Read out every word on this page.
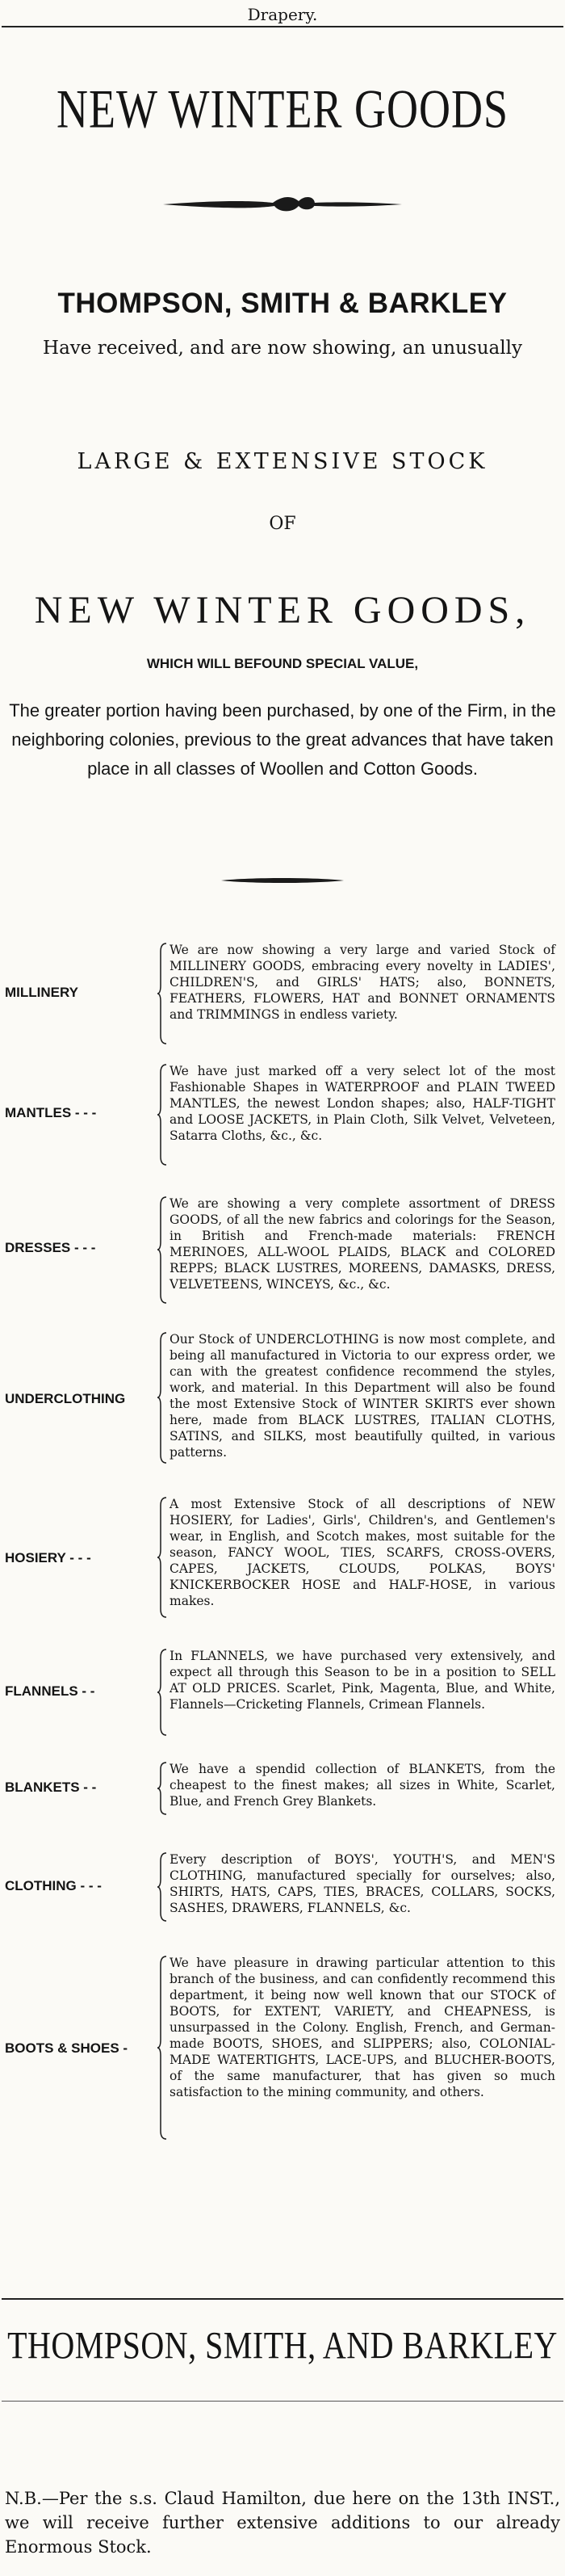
Drapery.
NEW WINTER GOODS
THOMPSON, SMITH & BARKLEY
Have received, and are now showing, an unusually
LARGE & EXTENSIVE STOCK
OF
NEW WINTER GOODS,
WHICH WILL BEFOUND SPECIAL VALUE,
The greater portion having been purchased, by one of the Firm, in the neighboring colonies, previous to the great advances that have taken place in all classes of Woollen and Cotton Goods.
MILLINERY
We are now showing a very large and varied Stock of MILLINERY GOODS, embracing every novelty in LADIES', CHILDREN'S, and GIRLS' HATS; also, BONNETS, FEATHERS, FLOWERS, HAT and BONNET ORNAMENTS and TRIMMINGS in endless variety.
MANTLES - - -
We have just marked off a very select lot of the most Fashionable Shapes in WATERPROOF and PLAIN TWEED MANTLES, the newest London shapes; also, HALF-TIGHT and LOOSE JACKETS, in Plain Cloth, Silk Velvet, Velveteen, Satarra Cloths, &c., &c.
DRESSES - - -
We are showing a very complete assortment of DRESS GOODS, of all the new fabrics and colorings for the Season, in British and French-made materials: FRENCH MERINOES, ALL-WOOL PLAIDS, BLACK and COLORED REPPS; BLACK LUSTRES, MOREENS, DAMASKS, DRESS, VELVETEENS, WINCEYS, &c., &c.
UNDERCLOTHING
Our Stock of UNDERCLOTHING is now most complete, and being all manufactured in Victoria to our express order, we can with the greatest confidence recommend the styles, work, and material. In this Department will also be found the most Extensive Stock of WINTER SKIRTS ever shown here, made from BLACK LUSTRES, ITALIAN CLOTHS, SATINS, and SILKS, most beautifully quilted, in various patterns.
HOSIERY - - -
A most Extensive Stock of all descriptions of NEW HOSIERY, for Ladies', Girls', Children's, and Gentlemen's wear, in English, and Scotch makes, most suitable for the season, FANCY WOOL, TIES, SCARFS, CROSS-OVERS, CAPES, JACKETS, CLOUDS, POLKAS, BOYS' KNICKERBOCKER HOSE and HALF-HOSE, in various makes.
FLANNELS - -
In FLANNELS, we have purchased very extensively, and expect all through this Season to be in a position to SELL AT OLD PRICES. Scarlet, Pink, Magenta, Blue, and White, Flannels—Cricketing Flannels, Crimean Flannels.
BLANKETS - -
We have a spendid collection of BLANKETS, from the cheapest to the finest makes; all sizes in White, Scarlet, Blue, and French Grey Blankets.
CLOTHING - - -
Every description of BOYS', YOUTH'S, and MEN'S CLOTHING, manufactured specially for ourselves; also, SHIRTS, HATS, CAPS, TIES, BRACES, COLLARS, SOCKS, SASHES, DRAWERS, FLANNELS, &c.
BOOTS & SHOES -
We have pleasure in drawing particular attention to this branch of the business, and can confidently recommend this department, it being now well known that our STOCK of BOOTS, for EXTENT, VARIETY, and CHEAPNESS, is unsurpassed in the Colony. English, French, and German-made BOOTS, SHOES, and SLIPPERS; also, COLONIAL-MADE WATERTIGHTS, LACE-UPS, and BLUCHER-BOOTS, of the same manufacturer, that has given so much satisfaction to the mining community, and others.
THOMPSON, SMITH, AND BARKLEY
N.B.—Per the s.s. Claud Hamilton, due here on the 13th INST., we will receive further extensive additions to our already Enormous Stock.
